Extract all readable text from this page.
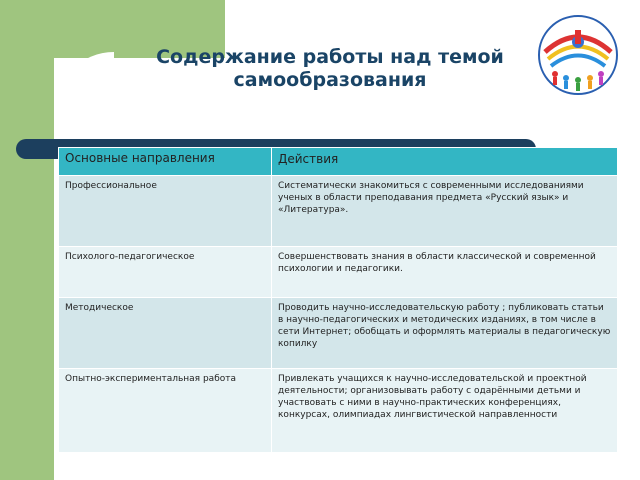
Содержание работы над темой
самообразования
Основные направления	Действия
Профессиональное	Систематически знакомиться с современными исследованиями ученых в области преподавания предмета «Русский язык» и «Литература».
Психолого-педагогическое	Совершенствовать знания в области классической и современной психологии и педагогики.
Методическое	Проводить научно-исследовательскую работу ; публиковать статьи в научно-педагогических и методических изданиях, в том числе в сети Интернет; обобщать и оформлять материалы в педагогическую копилку
Опытно-экспериментальная работа	Привлекать учащихся к научно-исследовательской и проектной деятельности; организовывать работу с одарёнными детьми и участвовать с ними в научно-практических конференциях, конкурсах, олимпиадах лингвистической направленности
